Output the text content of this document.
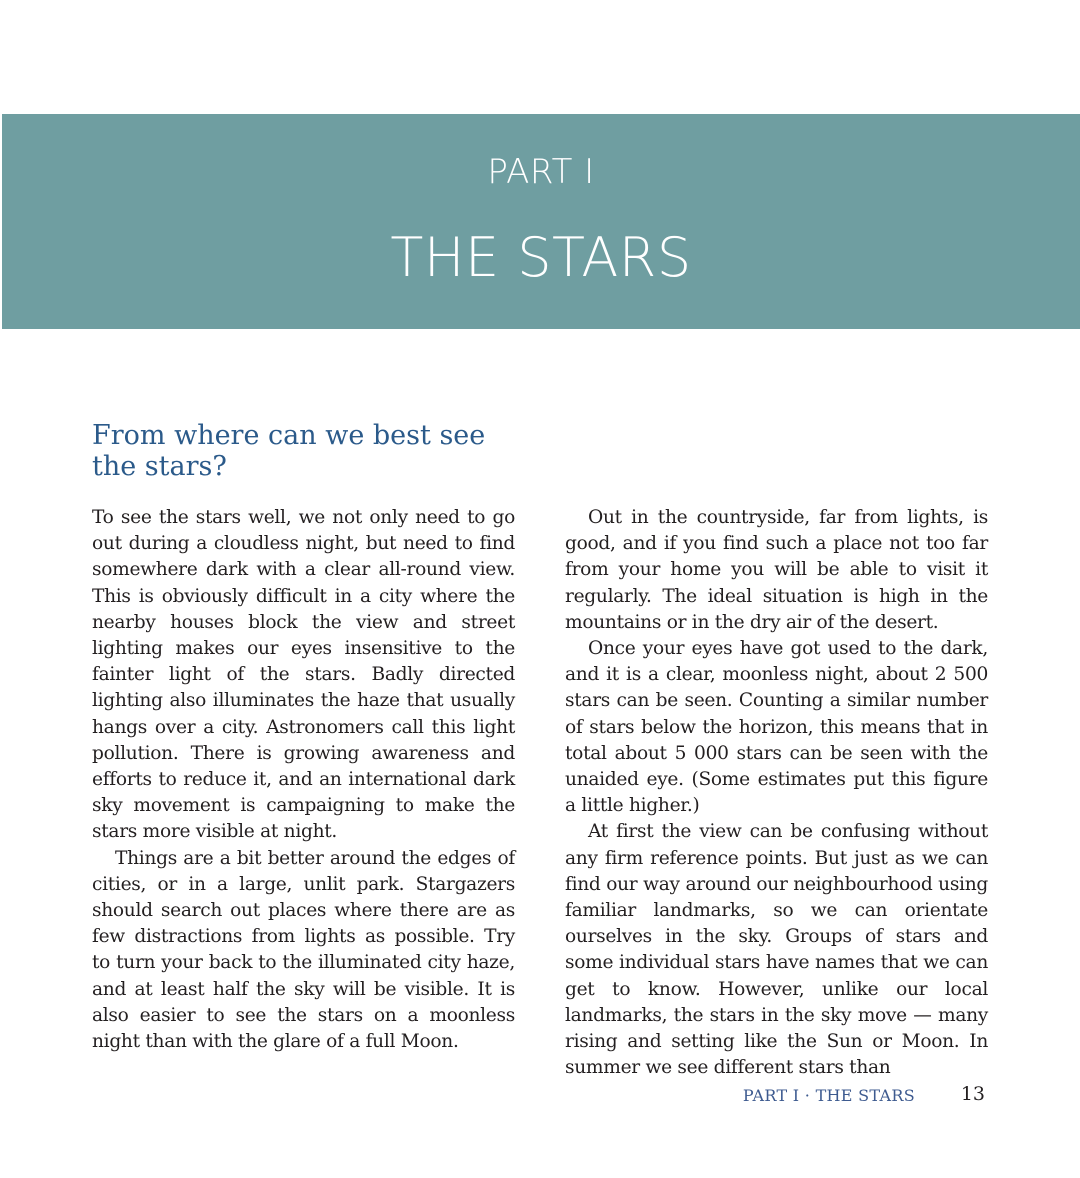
PART I
THE STARS
From where can we best see the stars?

To see the stars well, we not only need to go out during a cloudless night, but need to find somewhere dark with a clear all-round view. This is obviously difficult in a city where the nearby houses block the view and street lighting makes our eyes insensitive to the fainter light of the stars. Badly directed lighting also illuminates the haze that usually hangs over a city. Astronomers call this light pollution. There is growing awareness and efforts to reduce it, and an international dark sky movement is campaigning to make the stars more visible at night.

Things are a bit better around the edges of cities, or in a large, unlit park. Stargazers should search out places where there are as few distractions from lights as possible. Try to turn your back to the illuminated city haze, and at least half the sky will be visible. It is also easier to see the stars on a moonless night than with the glare of a full Moon.

Out in the countryside, far from lights, is good, and if you find such a place not too far from your home you will be able to visit it regularly. The ideal situation is high in the mountains or in the dry air of the desert.

Once your eyes have got used to the dark, and it is a clear, moonless night, about 2 500 stars can be seen. Counting a similar number of stars below the horizon, this means that in total about 5 000 stars can be seen with the unaided eye. (Some estimates put this figure a little higher.)

At first the view can be confusing without any firm reference points. But just as we can find our way around our neighbourhood using familiar landmarks, so we can orientate ourselves in the sky. Groups of stars and some individual stars have names that we can get to know. However, unlike our local landmarks, the stars in the sky move — many rising and setting like the Sun or Moon. In summer we see different stars than

PART I · THE STARS 13
